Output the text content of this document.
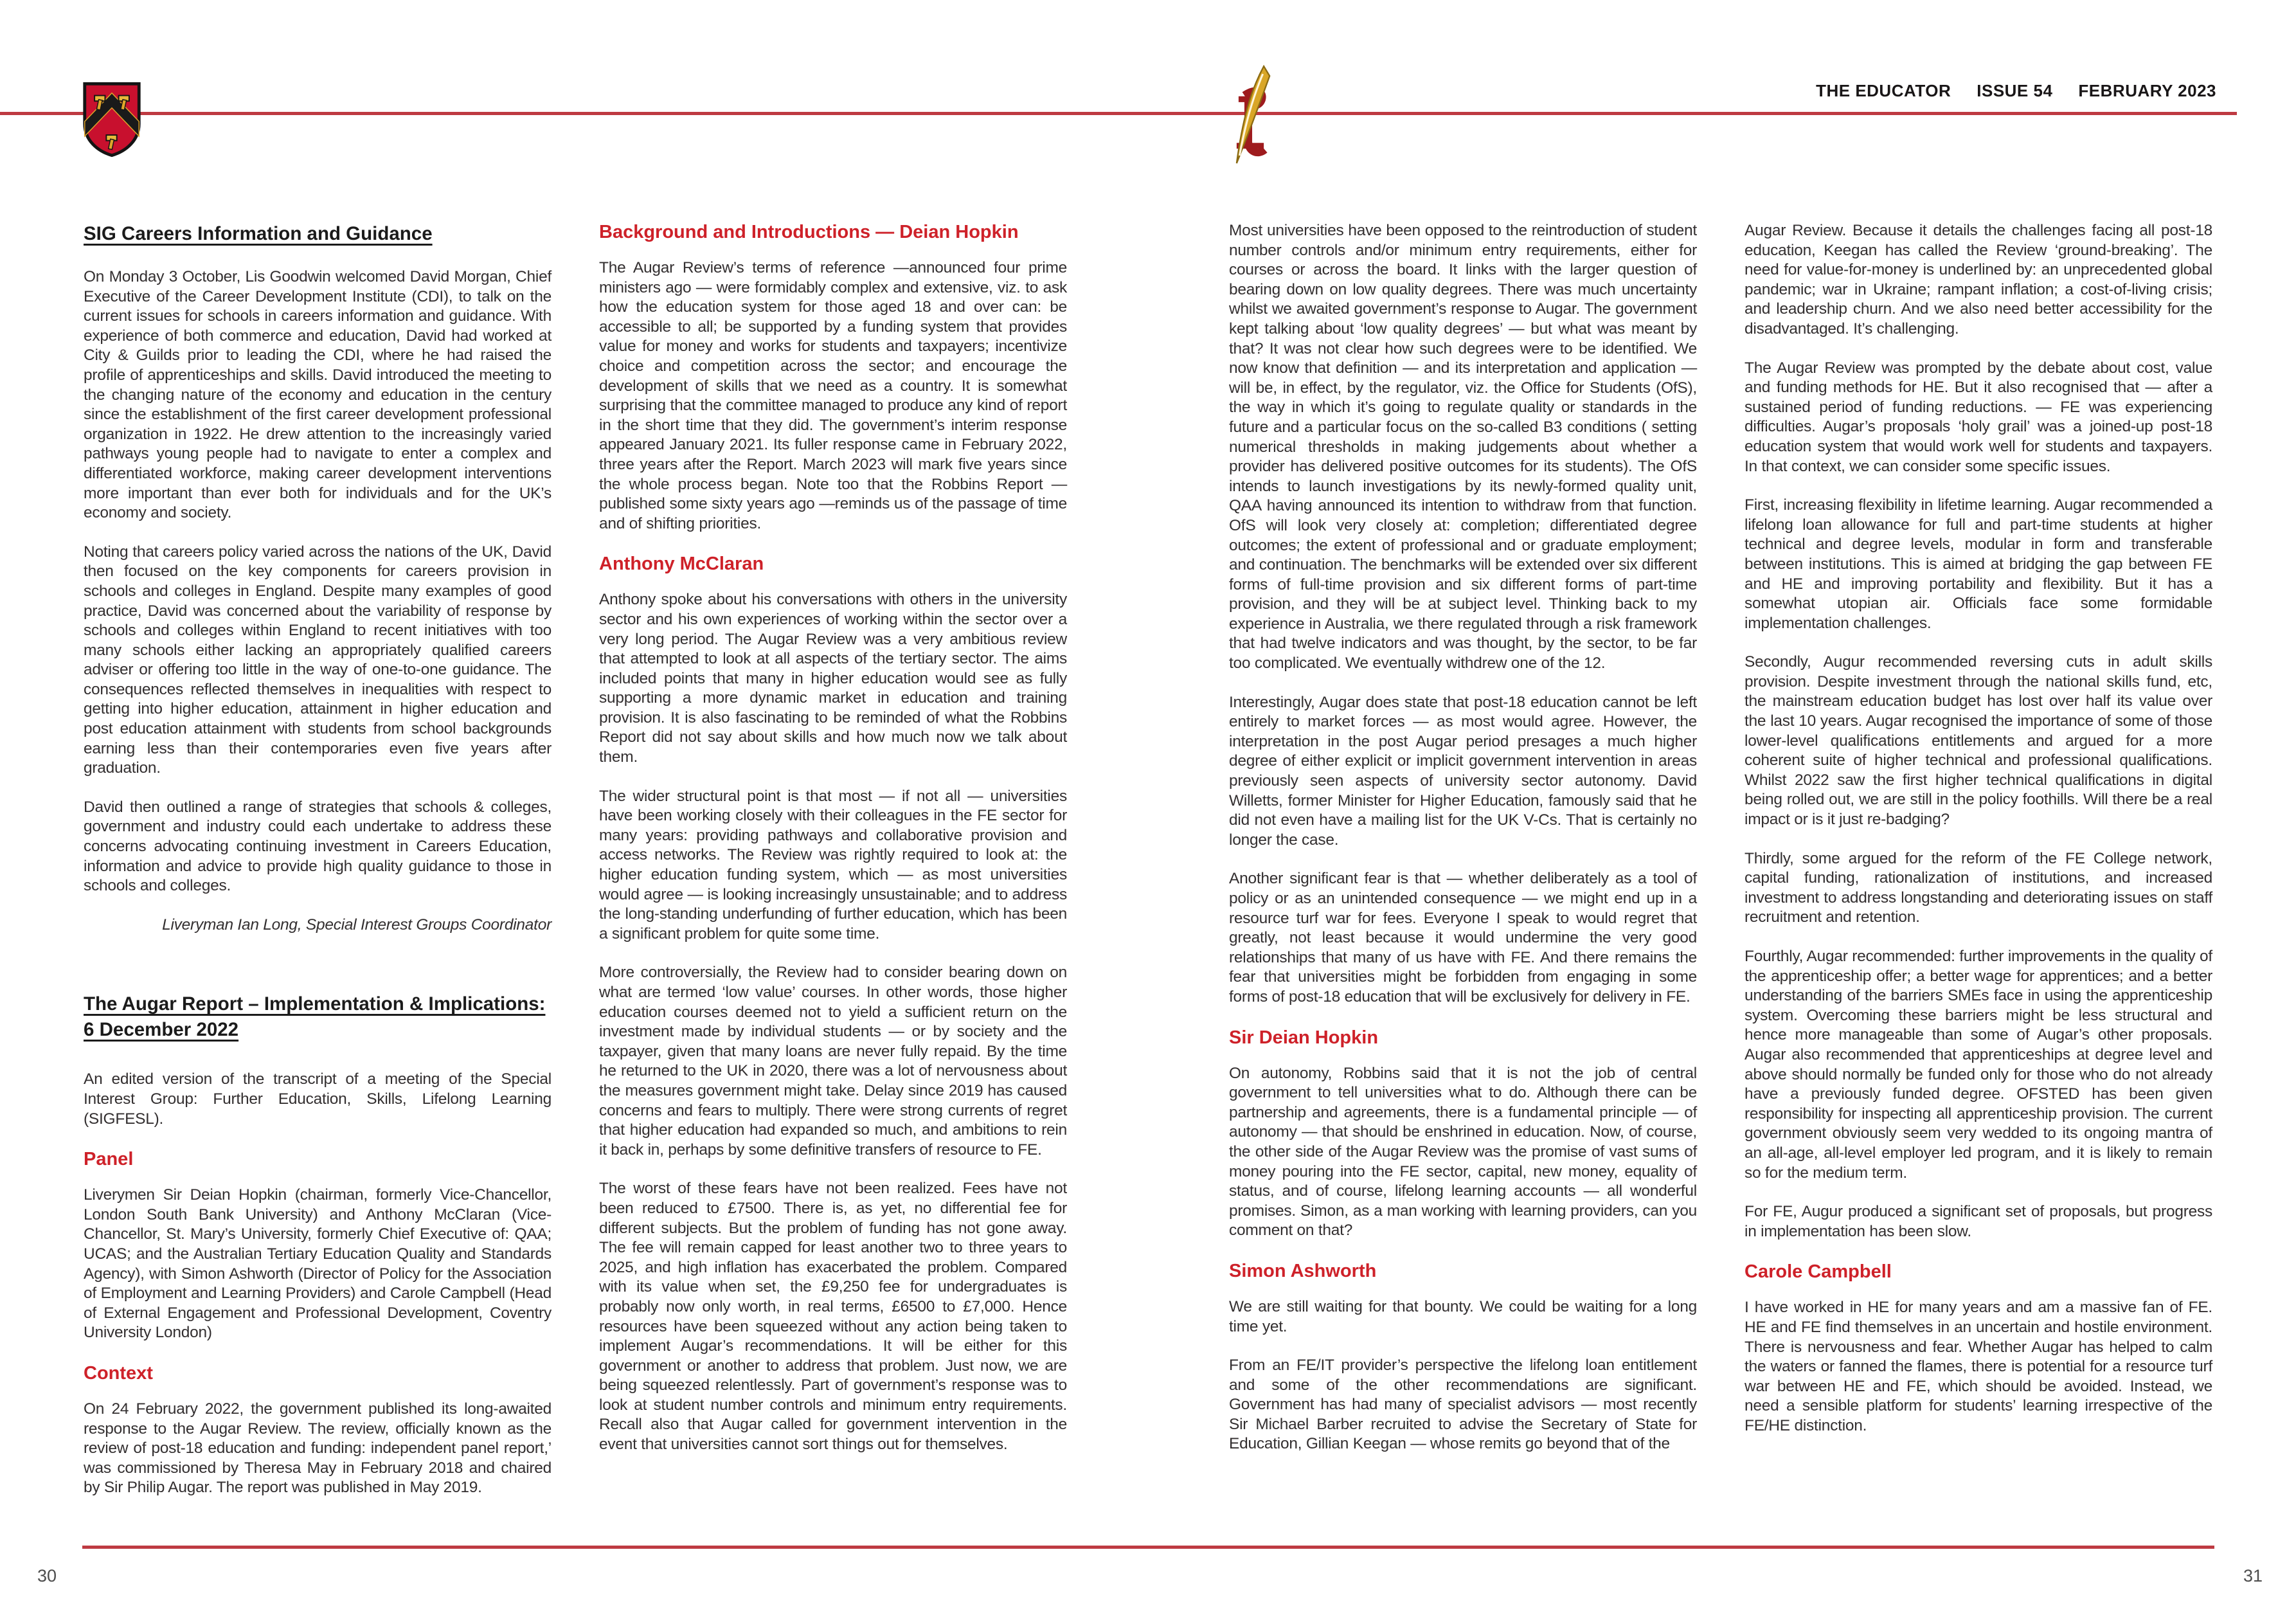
THE EDUCATOR ISSUE 54 FEBRUARY 2023
SIG Careers Information and Guidance

On Monday 3 October, Lis Goodwin welcomed David Morgan, Chief Executive of the Career Development Institute (CDI), to talk on the current issues for schools in careers information and guidance. With experience of both commerce and education, David had worked at City & Guilds prior to leading the CDI, where he had raised the profile of apprenticeships and skills. David introduced the meeting to the changing nature of the economy and education in the century since the establishment of the first career development professional organization in 1922. He drew attention to the increasingly varied pathways young people had to navigate to enter a complex and differentiated workforce, making career development interventions more important than ever both for individuals and for the UK’s economy and society.

Noting that careers policy varied across the nations of the UK, David then focused on the key components for careers provision in schools and colleges in England. Despite many examples of good practice, David was concerned about the variability of response by schools and colleges within England to recent initiatives with too many schools either lacking an appropriately qualified careers adviser or offering too little in the way of one-to-one guidance. The consequences reflected themselves in inequalities with respect to getting into higher education, attainment in higher education and post education attainment with students from school backgrounds earning less than their contemporaries even five years after graduation.

David then outlined a range of strategies that schools & colleges, government and industry could each undertake to address these concerns advocating continuing investment in Careers Education, information and advice to provide high quality guidance to those in schools and colleges.

Liveryman Ian Long, Special Interest Groups Coordinator

The Augar Report – Implementation & Implications:
6 December 2022

An edited version of the transcript of a meeting of the Special Interest Group: Further Education, Skills, Lifelong Learning (SIGFESL).

Panel

Liverymen Sir Deian Hopkin (chairman, formerly Vice-Chancellor, London South Bank University) and Anthony McClaran (Vice-Chancellor, St. Mary’s University, formerly Chief Executive of: QAA; UCAS; and the Australian Tertiary Education Quality and Standards Agency), with Simon Ashworth (Director of Policy for the Association of Employment and Learning Providers) and Carole Campbell (Head of External Engagement and Professional Development, Coventry University London)

Context

On 24 February 2022, the government published its long-awaited response to the Augar Review. The review, officially known as the review of post-18 education and funding: independent panel report,’ was commissioned by Theresa May in February 2018 and chaired by Sir Philip Augar. The report was published in May 2019.

Background and Introductions — Deian Hopkin

The Augar Review’s terms of reference —announced four prime ministers ago — were formidably complex and extensive, viz. to ask how the education system for those aged 18 and over can: be accessible to all; be supported by a funding system that provides value for money and works for students and taxpayers; incentivize choice and competition across the sector; and encourage the development of skills that we need as a country. It is somewhat surprising that the committee managed to produce any kind of report in the short time that they did. The government’s interim response appeared January 2021. Its fuller response came in February 2022, three years after the Report. March 2023 will mark five years since the whole process began. Note too that the Robbins Report — published some sixty years ago —reminds us of the passage of time and of shifting priorities.

Anthony McClaran

Anthony spoke about his conversations with others in the university sector and his own experiences of working within the sector over a very long period. The Augar Review was a very ambitious review that attempted to look at all aspects of the tertiary sector. The aims included points that many in higher education would see as fully supporting a more dynamic market in education and training provision. It is also fascinating to be reminded of what the Robbins Report did not say about skills and how much now we talk about them.

The wider structural point is that most — if not all — universities have been working closely with their colleagues in the FE sector for many years: providing pathways and collaborative provision and access networks. The Review was rightly required to look at: the higher education funding system, which — as most universities would agree — is looking increasingly unsustainable; and to address the long-standing underfunding of further education, which has been a significant problem for quite some time.

More controversially, the Review had to consider bearing down on what are termed ‘low value’ courses. In other words, those higher education courses deemed not to yield a sufficient return on the investment made by individual students — or by society and the taxpayer, given that many loans are never fully repaid. By the time he returned to the UK in 2020, there was a lot of nervousness about the measures government might take. Delay since 2019 has caused concerns and fears to multiply. There were strong currents of regret that higher education had expanded so much, and ambitions to rein it back in, perhaps by some definitive transfers of resource to FE.

The worst of these fears have not been realized. Fees have not been reduced to £7500. There is, as yet, no differential fee for different subjects. But the problem of funding has not gone away. The fee will remain capped for least another two to three years to 2025, and high inflation has exacerbated the problem. Compared with its value when set, the £9,250 fee for undergraduates is probably now only worth, in real terms, £6500 to £7,000. Hence resources have been squeezed without any action being taken to implement Augar’s recommendations. It will be either for this government or another to address that problem. Just now, we are being squeezed relentlessly. Part of government’s response was to look at student number controls and minimum entry requirements. Recall also that Augar called for government intervention in the event that universities cannot sort things out for themselves.

Most universities have been opposed to the reintroduction of student number controls and/or minimum entry requirements, either for courses or across the board. It links with the larger question of bearing down on low quality degrees. There was much uncertainty whilst we awaited government’s response to Augar. The government kept talking about ‘low quality degrees’ — but what was meant by that? It was not clear how such degrees were to be identified. We now know that definition — and its interpretation and application — will be, in effect, by the regulator, viz. the Office for Students (OfS), the way in which it’s going to regulate quality or standards in the future and a particular focus on the so-called B3 conditions ( setting numerical thresholds in making judgements about whether a provider has delivered positive outcomes for its students). The OfS intends to launch investigations by its newly-formed quality unit, QAA having announced its intention to withdraw from that function. OfS will look very closely at: completion; differentiated degree outcomes; the extent of professional and or graduate employment; and continuation. The benchmarks will be extended over six different forms of full-time provision and six different forms of part-time provision, and they will be at subject level. Thinking back to my experience in Australia, we there regulated through a risk framework that had twelve indicators and was thought, by the sector, to be far too complicated. We eventually withdrew one of the 12.

Interestingly, Augar does state that post-18 education cannot be left entirely to market forces — as most would agree. However, the interpretation in the post Augar period presages a much higher degree of either explicit or implicit government intervention in areas previously seen aspects of university sector autonomy. David Willetts, former Minister for Higher Education, famously said that he did not even have a mailing list for the UK V-Cs. That is certainly no longer the case.

Another significant fear is that — whether deliberately as a tool of policy or as an unintended consequence — we might end up in a resource turf war for fees. Everyone I speak to would regret that greatly, not least because it would undermine the very good relationships that many of us have with FE. And there remains the fear that universities might be forbidden from engaging in some forms of post-18 education that will be exclusively for delivery in FE.

Sir Deian Hopkin

On autonomy, Robbins said that it is not the job of central government to tell universities what to do. Although there can be partnership and agreements, there is a fundamental principle — of autonomy — that should be enshrined in education. Now, of course, the other side of the Augar Review was the promise of vast sums of money pouring into the FE sector, capital, new money, equality of status, and of course, lifelong learning accounts — all wonderful promises. Simon, as a man working with learning providers, can you comment on that?

Simon Ashworth

We are still waiting for that bounty. We could be waiting for a long time yet.

From an FE/IT provider’s perspective the lifelong loan entitlement and some of the other recommendations are significant. Government has had many of specialist advisors — most recently Sir Michael Barber recruited to advise the Secretary of State for Education, Gillian Keegan — whose remits go beyond that of the

Augar Review. Because it details the challenges facing all post-18 education, Keegan has called the Review ‘ground-breaking’. The need for value-for-money is underlined by: an unprecedented global pandemic; war in Ukraine; rampant inflation; a cost-of-living crisis; and leadership churn. And we also need better accessibility for the disadvantaged. It’s challenging.

The Augar Review was prompted by the debate about cost, value and funding methods for HE. But it also recognised that — after a sustained period of funding reductions. — FE was experiencing difficulties. Augar’s proposals ‘holy grail’ was a joined-up post-18 education system that would work well for students and taxpayers. In that context, we can consider some specific issues.

First, increasing flexibility in lifetime learning. Augar recommended a lifelong loan allowance for full and part-time students at higher technical and degree levels, modular in form and transferable between institutions. This is aimed at bridging the gap between FE and HE and improving portability and flexibility. But it has a somewhat utopian air. Officials face some formidable implementation challenges.

Secondly, Augur recommended reversing cuts in adult skills provision. Despite investment through the national skills fund, etc, the mainstream education budget has lost over half its value over the last 10 years. Augar recognised the importance of some of those lower-level qualifications entitlements and argued for a more coherent suite of higher technical and professional qualifications. Whilst 2022 saw the first higher technical qualifications in digital being rolled out, we are still in the policy foothills. Will there be a real impact or is it just re-badging?

Thirdly, some argued for the reform of the FE College network, capital funding, rationalization of institutions, and increased investment to address longstanding and deteriorating issues on staff recruitment and retention.

Fourthly, Augar recommended: further improvements in the quality of the apprenticeship offer; a better wage for apprentices; and a better understanding of the barriers SMEs face in using the apprenticeship system. Overcoming these barriers might be less structural and hence more manageable than some of Augar’s other proposals. Augar also recommended that apprenticeships at degree level and above should normally be funded only for those who do not already have a previously funded degree. OFSTED has been given responsibility for inspecting all apprenticeship provision. The current government obviously seem very wedded to its ongoing mantra of an all-age, all-level employer led program, and it is likely to remain so for the medium term.

For FE, Augur produced a significant set of proposals, but progress in implementation has been slow.

Carole Campbell

I have worked in HE for many years and am a massive fan of FE. HE and FE find themselves in an uncertain and hostile environment. There is nervousness and fear. Whether Augar has helped to calm the waters or fanned the flames, there is potential for a resource turf war between HE and FE, which should be avoided. Instead, we need a sensible platform for students’ learning irrespective of the FE/HE distinction.

30	31
